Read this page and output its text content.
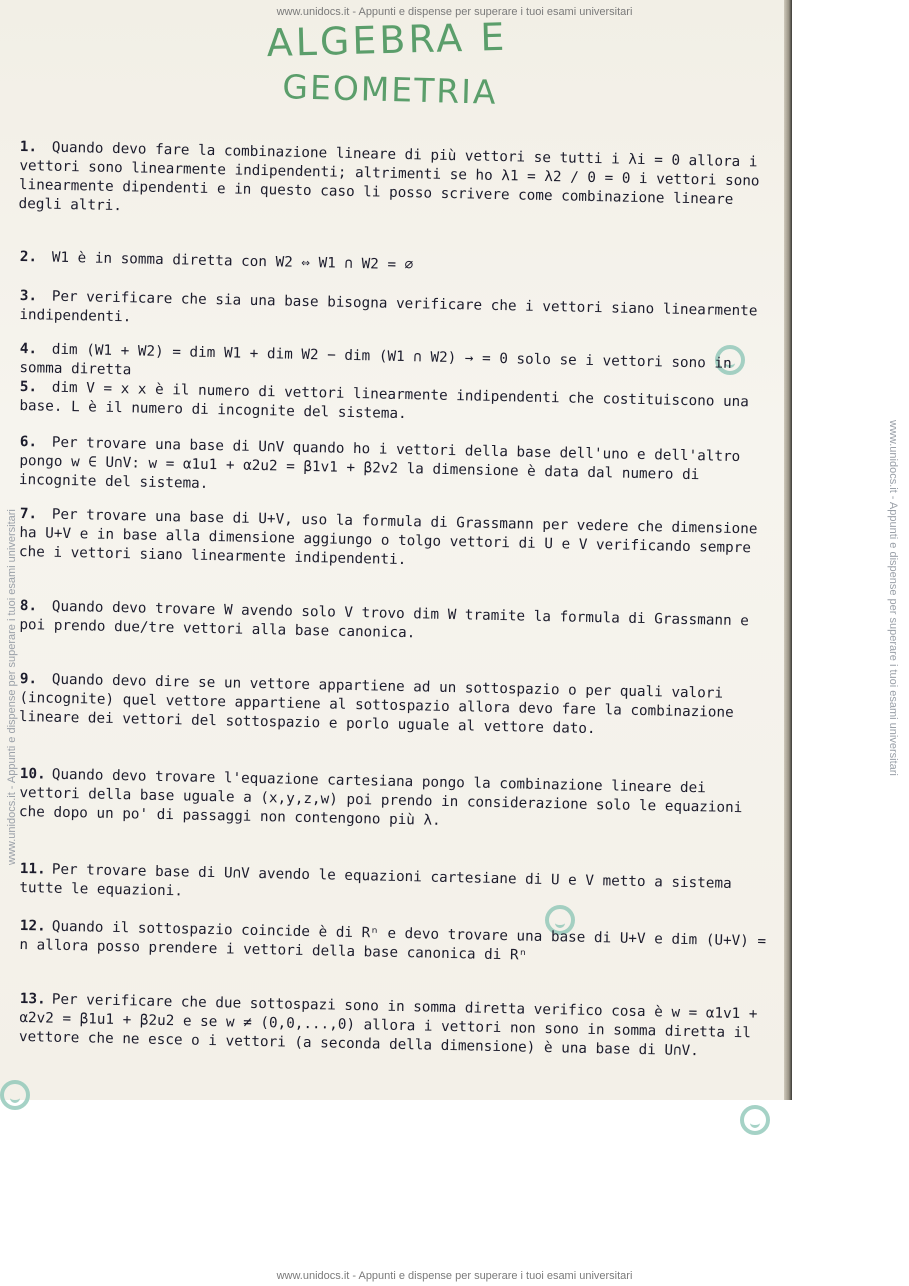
www.unidocs.it - Appunti e dispense per superare i tuoi esami universitari
www.unidocs.it - Appunti e dispense per superare i tuoi esami universitari
www.unidocs.it - Appunti e dispense per superare i tuoi esami universitari
www.unidocs.it - Appunti e dispense per superare i tuoi esami universitari
ALGEBRA E
GEOMETRIA
1. Quando devo fare la combinazione lineare di più vettori se tutti i λi = 0 allora i vettori sono linearmente indipendenti; altrimenti se ho λ1 = λ2 / 0 = 0 i vettori sono linearmente dipendenti e in questo caso li posso scrivere come combinazione lineare degli altri.
2. W1 è in somma diretta con W2 ⇔ W1 ∩ W2 = ∅
3. Per verificare che sia una base bisogna verificare che i vettori siano linearmente indipendenti.
4. dim (W1 + W2) = dim W1 + dim W2 − dim (W1 ∩ W2) → = 0 solo se i vettori sono in somma diretta
5. dim V = x x è il numero di vettori linearmente indipendenti che costituiscono una base. L è il numero di incognite del sistema.
6. Per trovare una base di U∩V quando ho i vettori della base dell'uno e dell'altro pongo w ∈ U∩V: w = α1u1 + α2u2 = β1v1 + β2v2 la dimensione è data dal numero di incognite del sistema.
7. Per trovare una base di U+V, uso la formula di Grassmann per vedere che dimensione ha U+V e in base alla dimensione aggiungo o tolgo vettori di U e V verificando sempre che i vettori siano linearmente indipendenti.
8. Quando devo trovare W avendo solo V trovo dim W tramite la formula di Grassmann e poi prendo due/tre vettori alla base canonica.
9. Quando devo dire se un vettore appartiene ad un sottospazio o per quali valori (incognite) quel vettore appartiene al sottospazio allora devo fare la combinazione lineare dei vettori del sottospazio e porlo uguale al vettore dato.
10. Quando devo trovare l'equazione cartesiana pongo la combinazione lineare dei vettori della base uguale a (x,y,z,w) poi prendo in considerazione solo le equazioni che dopo un po' di passaggi non contengono più λ.
11. Per trovare base di U∩V avendo le equazioni cartesiane di U e V metto a sistema tutte le equazioni.
12. Quando il sottospazio coincide è di Rⁿ e devo trovare una base di U+V e dim (U+V) = n allora posso prendere i vettori della base canonica di Rⁿ
13. Per verificare che due sottospazi sono in somma diretta verifico cosa è w = α1v1 + α2v2 = β1u1 + β2u2 e se w ≠ (0,0,...,0) allora i vettori non sono in somma diretta il vettore che ne esce o i vettori (a seconda della dimensione) è una base di U∩V.
